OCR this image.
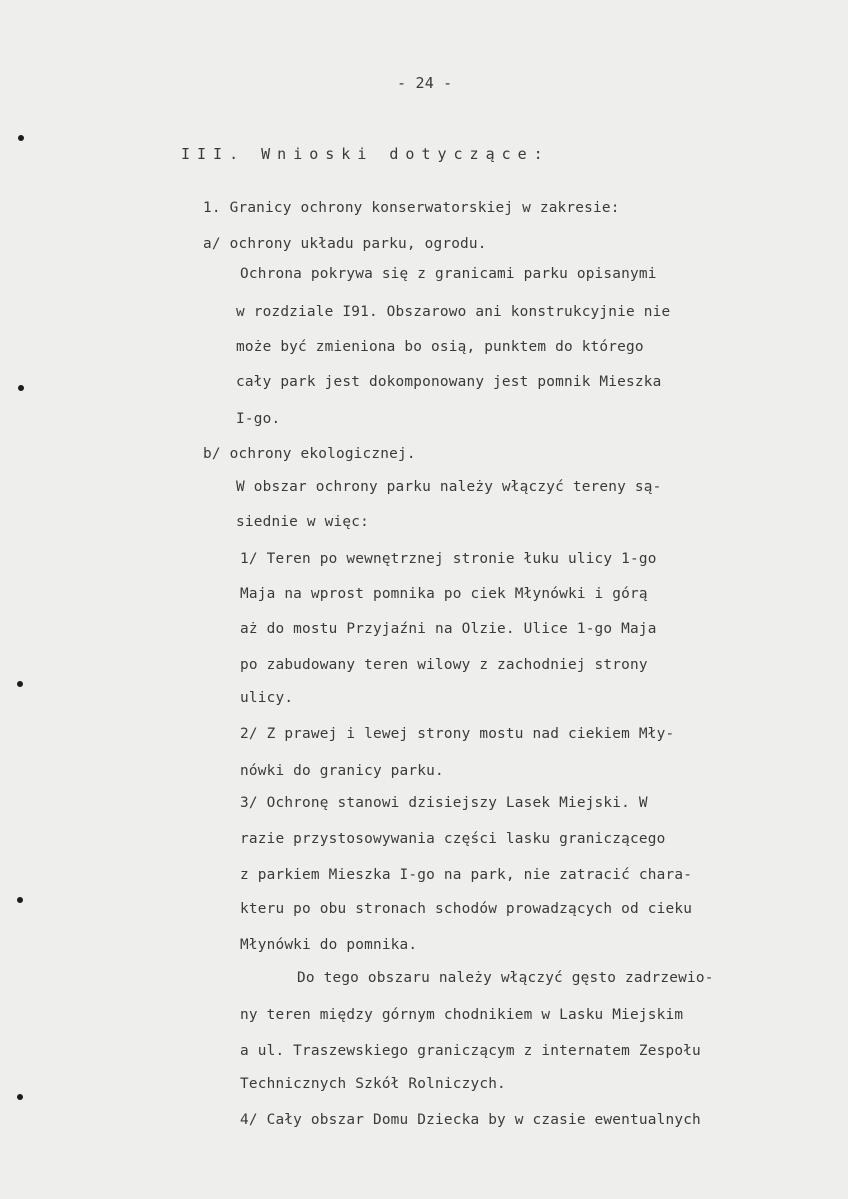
- 24 -
III. Wnioski dotyczące:
1. Granicy ochrony konserwatorskiej w zakresie:
a/ ochrony układu parku, ogrodu.
Ochrona pokrywa się z granicami parku opisanymi
w rozdziale I91. Obszarowo ani konstrukcyjnie nie
może być zmieniona bo osią, punktem do którego
cały park jest dokomponowany jest pomnik Mieszka
I-go.
b/ ochrony ekologicznej.
W obszar ochrony parku należy włączyć tereny są-
siednie w więc:
1/ Teren po wewnętrznej stronie łuku ulicy 1-go
Maja na wprost pomnika po ciek Młynówki i górą
aż do mostu Przyjaźni na Olzie. Ulice 1-go Maja
po zabudowany teren wilowy z zachodniej strony
ulicy.
2/ Z prawej i lewej strony mostu nad ciekiem Mły-
nówki do granicy parku.
3/ Ochronę stanowi dzisiejszy Lasek Miejski. W
razie przystosowywania części lasku graniczącego
z parkiem Mieszka I-go na park, nie zatracić chara-
kteru po obu stronach schodów prowadzących od cieku
Młynówki do pomnika.
Do tego obszaru należy włączyć gęsto zadrzewio-
ny teren między górnym chodnikiem w Lasku Miejskim
a ul. Traszewskiego graniczącym z internatem Zespołu
Technicznych Szkół Rolniczych.
4/ Cały obszar Domu Dziecka by w czasie ewentualnych
